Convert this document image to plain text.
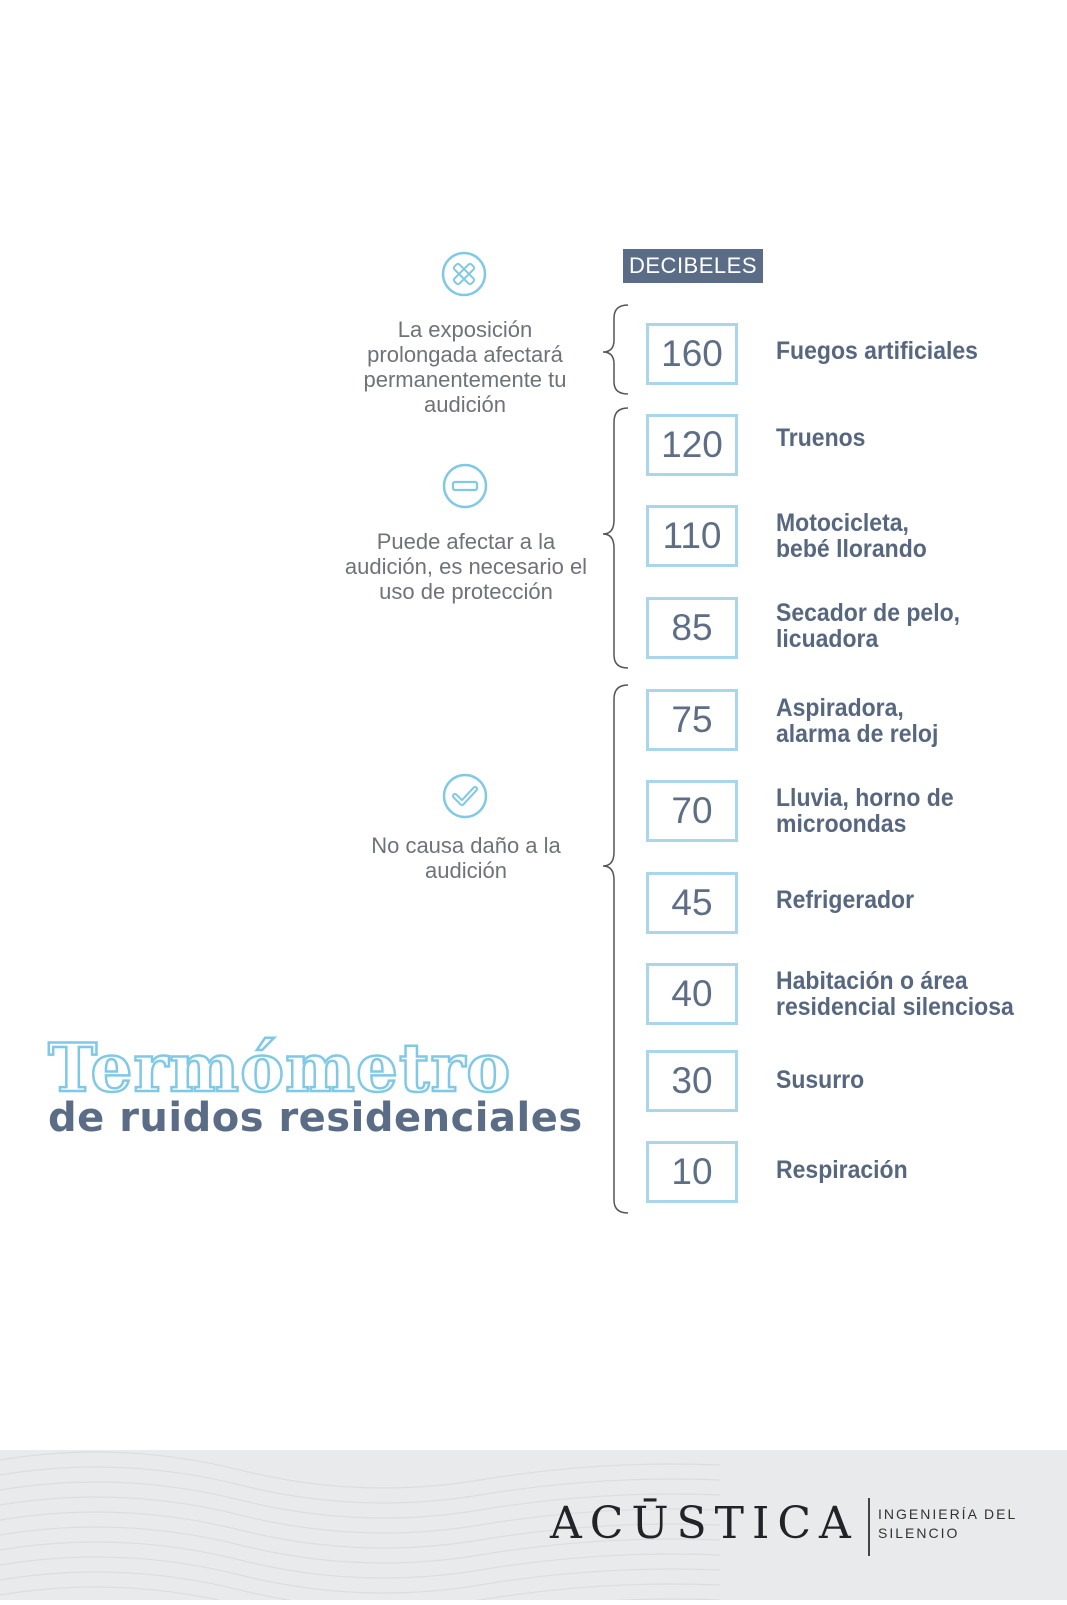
DECIBELES
La exposición prolongada afectará permanentemente tu audición
Puede afectar a la audición, es necesario el uso de protección
No causa daño a la audición
160	Fuegos artificiales
120	Truenos
110	Motocicleta, bebé llorando
85	Secador de pelo, licuadora
75	Aspiradora, alarma de reloj
70	Lluvia, horno de microondas
45	Refrigerador
40	Habitación o área residencial silenciosa
30	Susurro
10	Respiración
Termómetro
de ruidos residenciales
ACŪSTICA INGENIERÍA DEL SILENCIO
